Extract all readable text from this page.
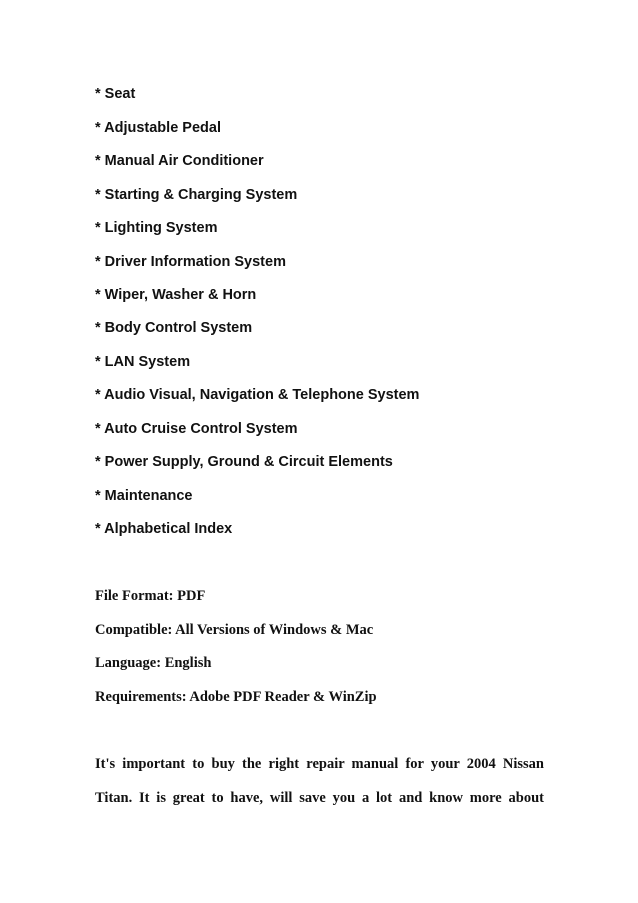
* Seat
* Adjustable Pedal
* Manual Air Conditioner
* Starting & Charging System
* Lighting System
* Driver Information System
* Wiper, Washer & Horn
* Body Control System
* LAN System
* Audio Visual, Navigation & Telephone System
* Auto Cruise Control System
* Power Supply, Ground & Circuit Elements
* Maintenance
* Alphabetical Index
File Format: PDF
Compatible: All Versions of Windows & Mac
Language: English
Requirements: Adobe PDF Reader & WinZip
It's important to buy the right repair manual for your 2004 Nissan
Titan. It is great to have, will save you a lot and know more about
